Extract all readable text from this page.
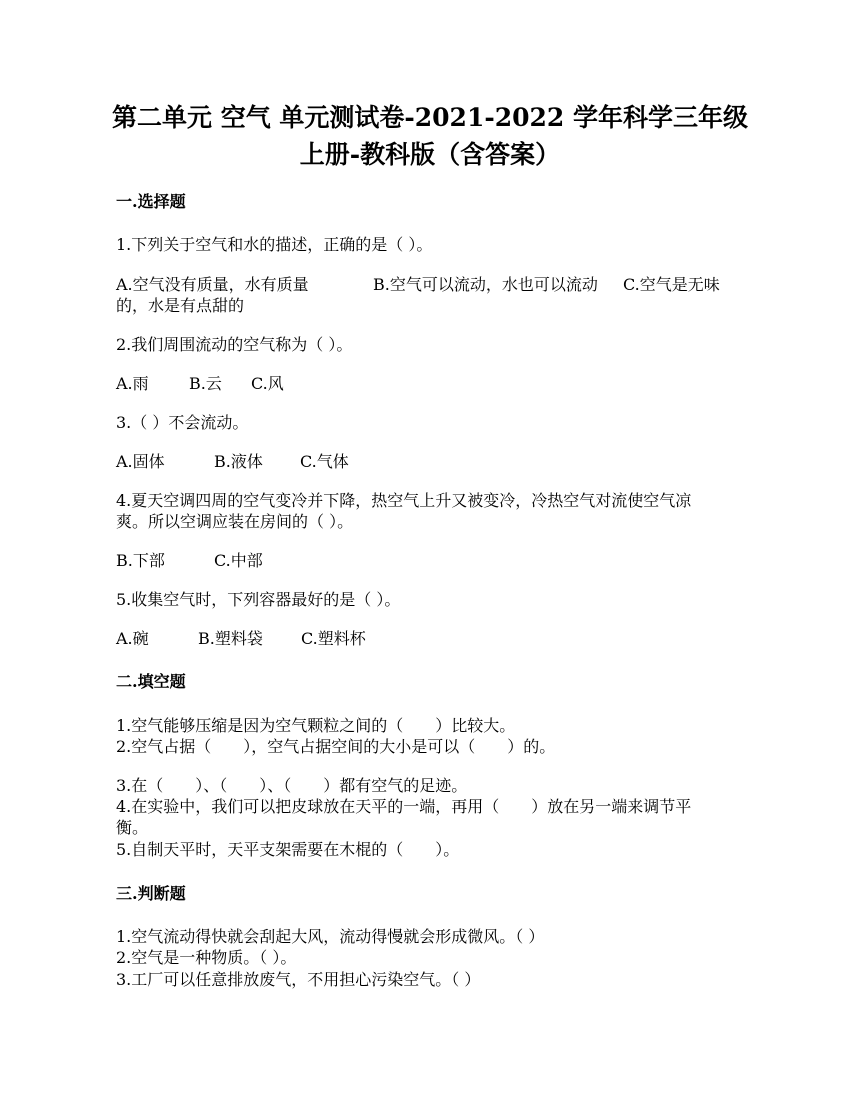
第二单元 空气 单元测试卷-2021-2022 学年科学三年级
上册-教科版（含答案）
一.选择题
1.下列关于空气和水的描述，正确的是（ ）。
A.空气没有质量，水有质量	B.空气可以流动，水也可以流动 C.空气是无味
的，水是有点甜的
2.我们周围流动的空气称为（ ）。
A.雨	B.云 C.风
3.（ ）不会流动。
A.固体	B.液体 C.气体
4.夏天空调四周的空气变冷并下降，热空气上升又被变冷，冷热空气对流使空气凉
爽。所以空调应装在房间的（ ）。
B.下部	C.中部
5.收集空气时，下列容器最好的是（ ）。
A.碗	B.塑料袋 C.塑料杯
二.填空题
1.空气能够压缩是因为空气颗粒之间的（　　）比较大。
2.空气占据（　　），空气占据空间的大小是可以（　　）的。
3.在（　　）、（　　）、（　　）都有空气的足迹。
4.在实验中，我们可以把皮球放在天平的一端，再用（　　）放在另一端来调节平
衡。
5.自制天平时，天平支架需要在木棍的（　　）。
三.判断题
1.空气流动得快就会刮起大风，流动得慢就会形成微风。（ ）
2.空气是一种物质。（ ）。
3.工厂可以任意排放废气，不用担心污染空气。（ ）
